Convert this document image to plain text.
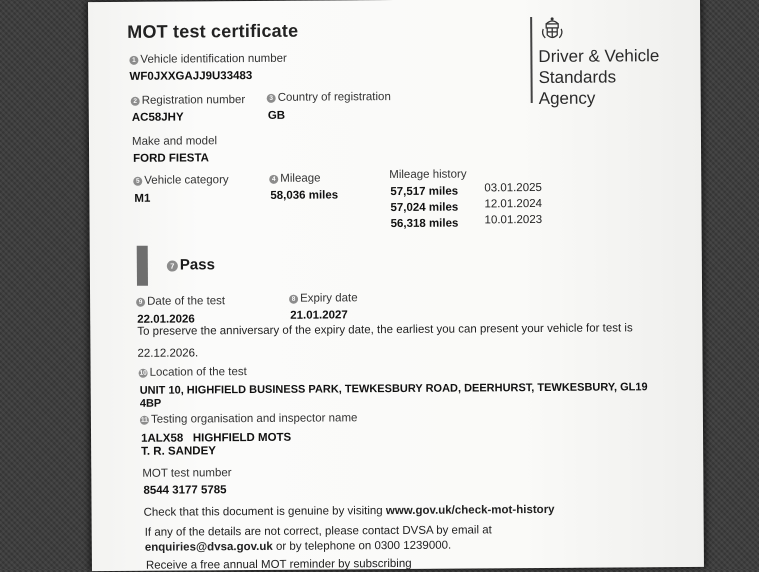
MOT test certificate
Driver & Vehicle
Standards
Agency
1 Vehicle identification number
WF0JXXGAJJ9U33483
2 Registration number
AC58JHY
3 Country of registration
GB
Make and model
FORD FIESTA
5 Vehicle category
M1
4 Mileage
58,036 miles
Mileage history
57,517 miles 03.01.2025
57,024 miles 12.01.2024
56,318 miles 10.01.2023
7 Pass
9 Date of the test
22.01.2026
8 Expiry date
21.01.2027
To preserve the anniversary of the expiry date, the earliest you can present your vehicle for test is
22.12.2026.
10 Location of the test
UNIT 10, HIGHFIELD BUSINESS PARK, TEWKESBURY ROAD, DEERHURST, TEWKESBURY, GL19
4BP
11 Testing organisation and inspector name
1ALX58   HIGHFIELD MOTS
T. R. SANDEY
MOT test number
8544 3177 5785
Check that this document is genuine by visiting www.gov.uk/check-mot-history
If any of the details are not correct, please contact DVSA by email at
enquiries@dvsa.gov.uk or by telephone on 0300 1239000.
Receive a free annual MOT reminder by subscribing
